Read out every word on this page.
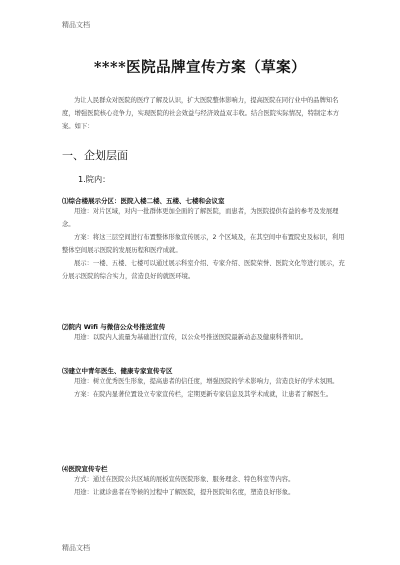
精品文档
****医院品牌宣传方案（草案）

为让人民群众对医院的医疗了解及认识，扩大医院整体影响力，提高医院在同行业中的品牌知名度，增强医院核心竞争力，实现医院的社会效益与经济效益双丰收。结合医院实际情况，特制定本方案。如下：

一、企划层面
1.院内：
⑴综合楼展示分区：医院入楼二楼、五楼、七楼和会议室

用途：对片区域，对内一批群体更加全面的了解医院，而患者，为医院提供有益的参考及发展理念。

方案：将这三层空间进行布置整体形象宣传展示，2 个区域及，在其空间中布置院史及标识，利用整体空间展示医院的发展历程和医疗成就。

展示：一楼、五楼、七楼可以通过展示科室介绍、专家介绍、医院荣誉、医院文化等进行展示，充分展示医院的综合实力，营造良好的就医环境。

⑵院内 Wifi 与微信公众号推送宣传

用途：以院内人流量为基础进行宣传，以公众号推送医院最新动态及健康科普知识。

⑶建立中青年医生、健康专家宣传专区

用途：树立优秀医生形象，提高患者的信任度，增强医院的学术影响力，营造良好的学术氛围。

方案：在院内显著位置设立专家宣传栏，定期更新专家信息及其学术成就，让患者了解医生。

⑷医院宣传专栏

方式：通过在医院公共区域的展板宣传医院形象、服务理念、特色科室等内容。

用途：让就诊患者在等候的过程中了解医院，提升医院知名度，塑造良好形象。

精品文档
